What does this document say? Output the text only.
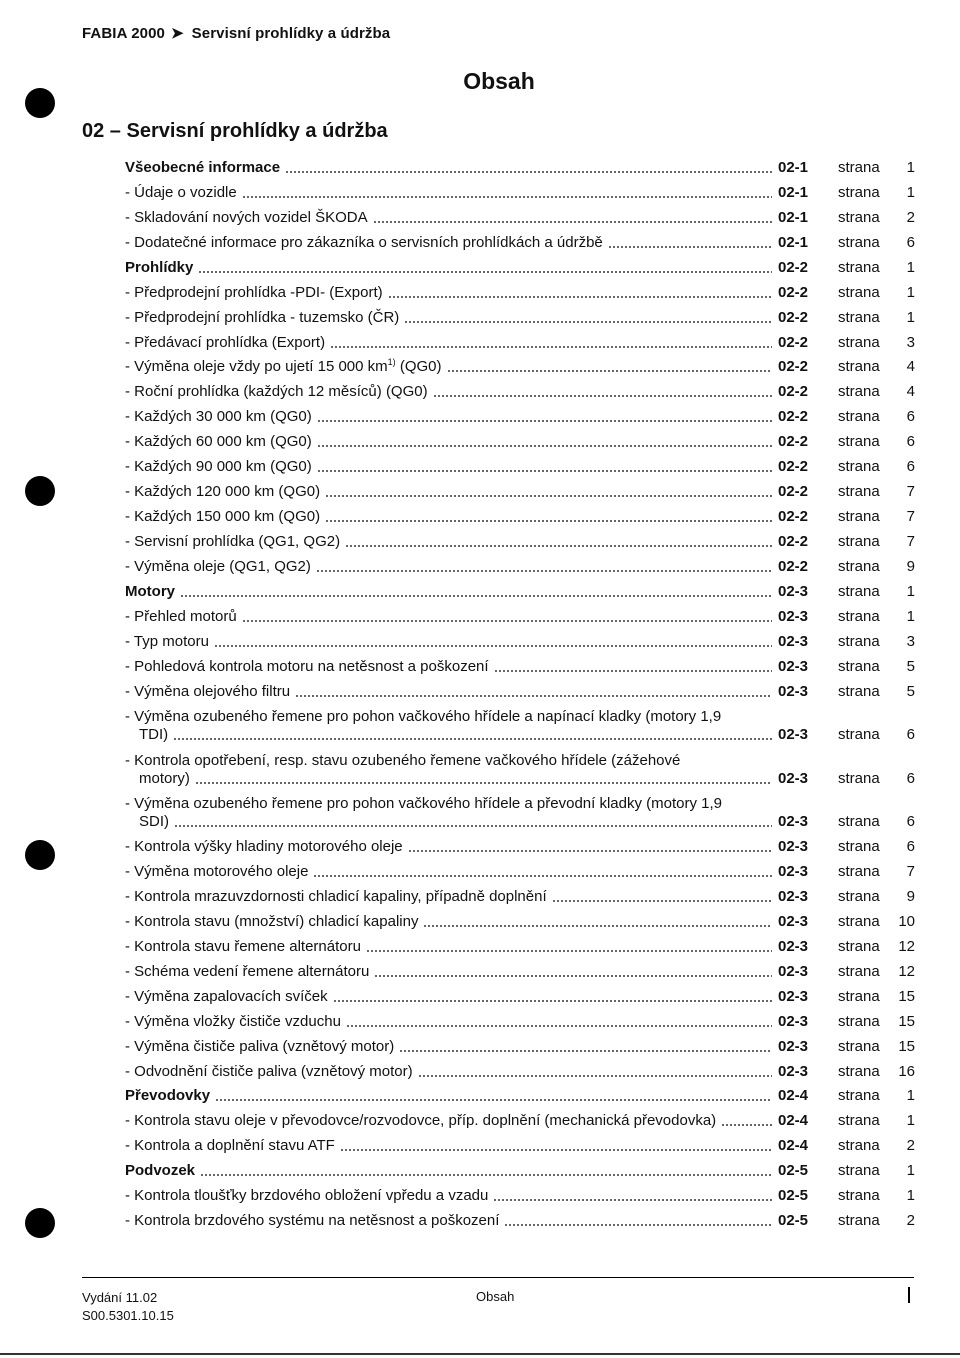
FABIA 2000 ➤ Servisní prohlídky a údržba
Obsah
02 – Servisní prohlídky a údržba
Všeobecné informace	02-1	strana	1
- Údaje o vozidle	02-1	strana	1
- Skladování nových vozidel ŠKODA	02-1	strana	2
- Dodatečné informace pro zákazníka o servisních prohlídkách a údržbě	02-1	strana	6
Prohlídky	02-2	strana	1
- Předprodejní prohlídka -PDI- (Export)	02-2	strana	1
- Předprodejní prohlídka - tuzemsko (ČR)	02-2	strana	1
- Předávací prohlídka (Export)	02-2	strana	3
- Výměna oleje vždy po ujetí 15 000 $km^{1)}$ (QG0)	02-2	strana	4
- Roční prohlídka (každých 12 měsíců) (QG0)	02-2	strana	4
- Každých 30 000 km (QG0)	02-2	strana	6
- Každých 60 000 km (QG0)	02-2	strana	6
- Každých 90 000 km (QG0)	02-2	strana	6
- Každých 120 000 km (QG0)	02-2	strana	7
- Každých 150 000 km (QG0)	02-2	strana	7
- Servisní prohlídka (QG1, QG2)	02-2	strana	7
- Výměna oleje (QG1, QG2)	02-2	strana	9
Motory	02-3	strana	1
- Přehled motorů	02-3	strana	1
- Typ motoru	02-3	strana	3
- Pohledová kontrola motoru na netěsnost a poškození	02-3	strana	5
- Výměna olejového filtru	02-3	strana	5
- Výměna ozubeného řemene pro pohon vačkového hřídele a napínací kladky (motory 1,9
TDI)	02-3	strana	6
- Kontrola opotřebení, resp. stavu ozubeného řemene vačkového hřídele (zážehové
motory)	02-3	strana	6
- Výměna ozubeného řemene pro pohon vačkového hřídele a převodní kladky (motory 1,9
SDI)	02-3	strana	6
- Kontrola výšky hladiny motorového oleje	02-3	strana	6
- Výměna motorového oleje	02-3	strana	7
- Kontrola mrazuvzdornosti chladicí kapaliny, případně doplnění	02-3	strana	9
- Kontrola stavu (množství) chladicí kapaliny	02-3	strana 10
- Kontrola stavu řemene alternátoru	02-3	strana 12
- Schéma vedení řemene alternátoru	02-3	strana 12
- Výměna zapalovacích svíček	02-3	strana 15
- Výměna vložky čističe vzduchu	02-3	strana 15
- Výměna čističe paliva (vznětový motor)	02-3	strana 15
- Odvodnění čističe paliva (vznětový motor)	02-3	strana 16
Převodovky	02-4	strana	1
- Kontrola stavu oleje v převodovce/rozvodovce, příp. doplnění (mechanická převodovka)	02-4	strana	1
- Kontrola a doplnění stavu ATF	02-4	strana	2
Podvozek	02-5	strana	1
- Kontrola tloušťky brzdového obložení vpředu a vzadu	02-5	strana	1
- Kontrola brzdového systému na netěsnost a poškození	02-5	strana	2
Vydání 11.02
S00.5301.10.15
Obsah
